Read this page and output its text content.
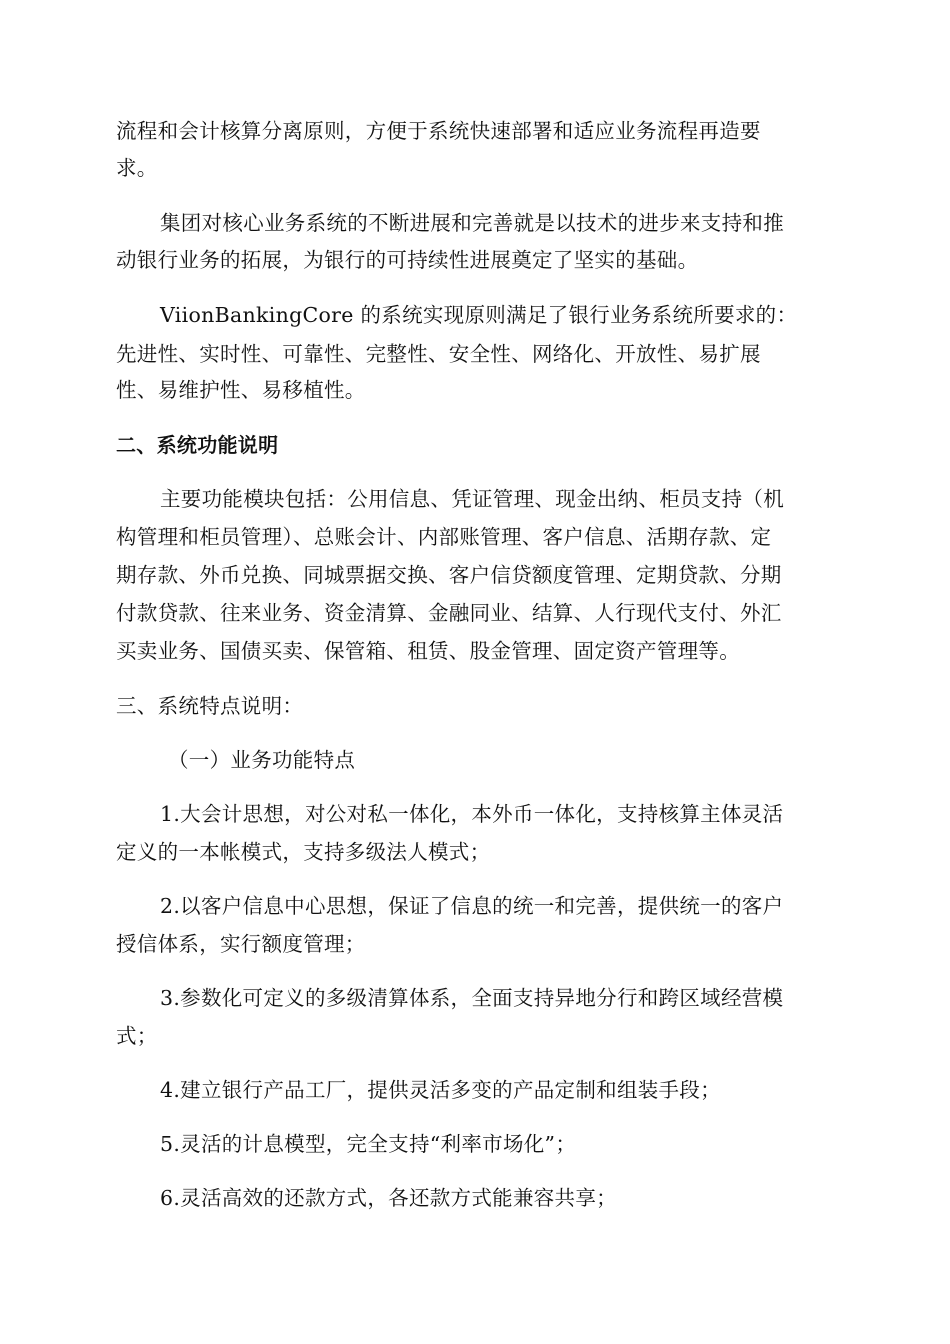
流程和会计核算分离原则，方便于系统快速部署和适应业务流程再造要
求。
集团对核心业务系统的不断进展和完善就是以技术的进步来支持和推
动银行业务的拓展，为银行的可持续性进展奠定了坚实的基础。
ViionBankingCore 的系统实现原则满足了银行业务系统所要求的：
先进性、实时性、可靠性、完整性、安全性、网络化、开放性、易扩展
性、易维护性、易移植性。
二、系统功能说明
主要功能模块包括：公用信息、凭证管理、现金出纳、柜员支持（机
构管理和柜员管理）、总账会计、内部账管理、客户信息、活期存款、定
期存款、外币兑换、同城票据交换、客户信贷额度管理、定期贷款、分期
付款贷款、往来业务、资金清算、金融同业、结算、人行现代支付、外汇
买卖业务、国债买卖、保管箱、租赁、股金管理、固定资产管理等。
三、系统特点说明：
（一）业务功能特点
1.大会计思想，对公对私一体化，本外币一体化，支持核算主体灵活
定义的一本帐模式，支持多级法人模式；
2.以客户信息中心思想，保证了信息的统一和完善，提供统一的客户
授信体系，实行额度管理；
3.参数化可定义的多级清算体系，全面支持异地分行和跨区域经营模
式；
4.建立银行产品工厂，提供灵活多变的产品定制和组装手段；
5.灵活的计息模型，完全支持“利率市场化”；
6.灵活高效的还款方式，各还款方式能兼容共享；
